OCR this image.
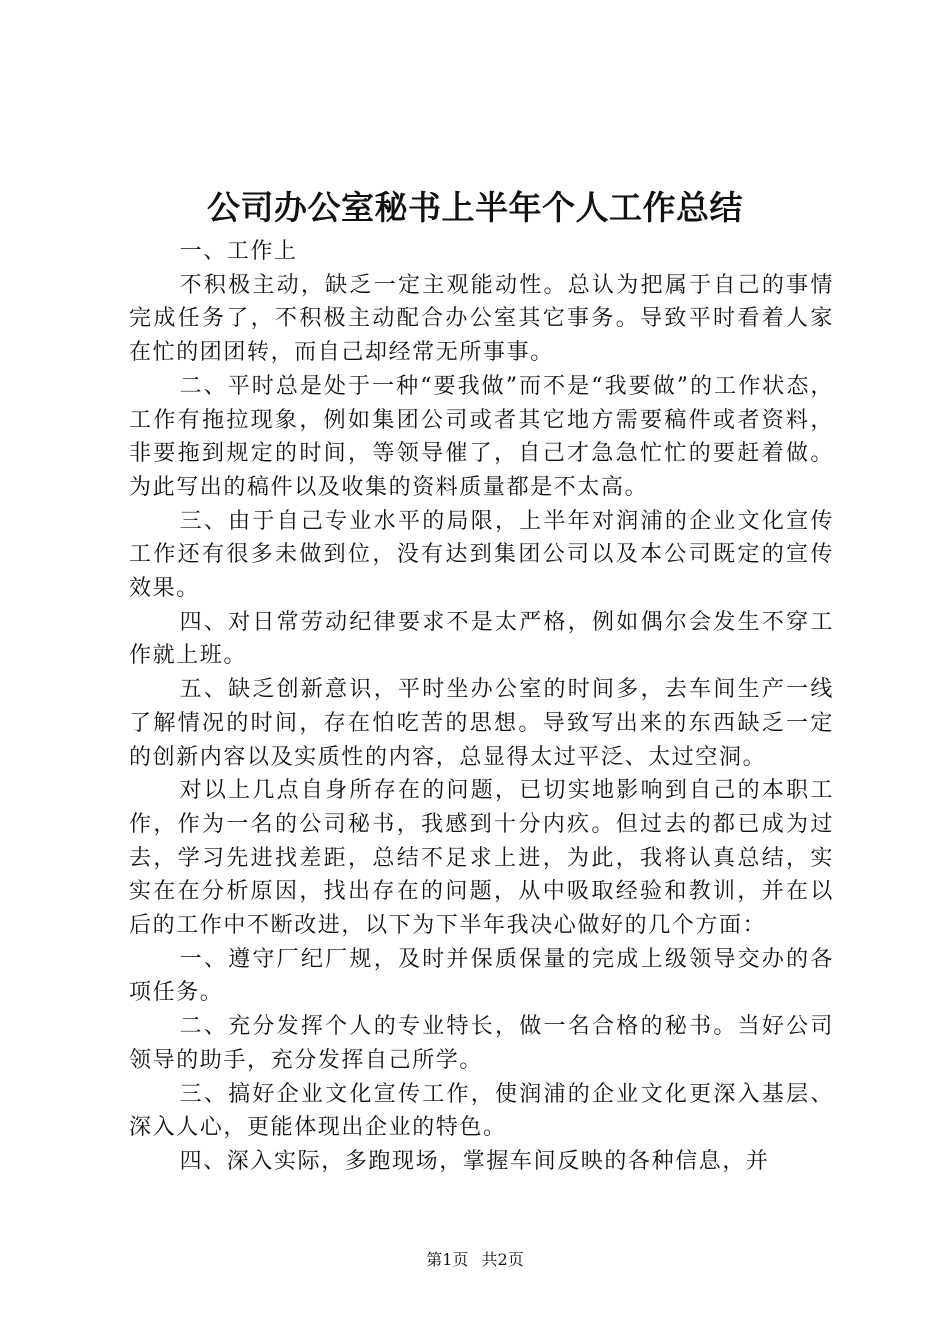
公司办公室秘书上半年个人工作总结

一、工作上

不积极主动，缺乏一定主观能动性。总认为把属于自己的事情完成任务了，不积极主动配合办公室其它事务。导致平时看着人家在忙的团团转，而自己却经常无所事事。

二、平时总是处于一种“要我做”而不是“我要做”的工作状态，工作有拖拉现象，例如集团公司或者其它地方需要稿件或者资料，非要拖到规定的时间，等领导催了，自己才急急忙忙的要赶着做。为此写出的稿件以及收集的资料质量都是不太高。

三、由于自己专业水平的局限，上半年对润浦的企业文化宣传工作还有很多未做到位，没有达到集团公司以及本公司既定的宣传效果。

四、对日常劳动纪律要求不是太严格，例如偶尔会发生不穿工作就上班。

五、缺乏创新意识，平时坐办公室的时间多，去车间生产一线了解情况的时间，存在怕吃苦的思想。导致写出来的东西缺乏一定的创新内容以及实质性的内容，总显得太过平泛、太过空洞。

对以上几点自身所存在的问题，已切实地影响到自己的本职工作，作为一名的公司秘书，我感到十分内疚。但过去的都已成为过去，学习先进找差距，总结不足求上进，为此，我将认真总结，实实在在分析原因，找出存在的问题，从中吸取经验和教训，并在以后的工作中不断改进，以下为下半年我决心做好的几个方面：

一、遵守厂纪厂规，及时并保质保量的完成上级领导交办的各项任务。

二、充分发挥个人的专业特长，做一名合格的秘书。当好公司领导的助手，充分发挥自己所学。

三、搞好企业文化宣传工作，使润浦的企业文化更深入基层、深入人心，更能体现出企业的特色。

四、深入实际，多跑现场，掌握车间反映的各种信息，并

第1页 共2页
